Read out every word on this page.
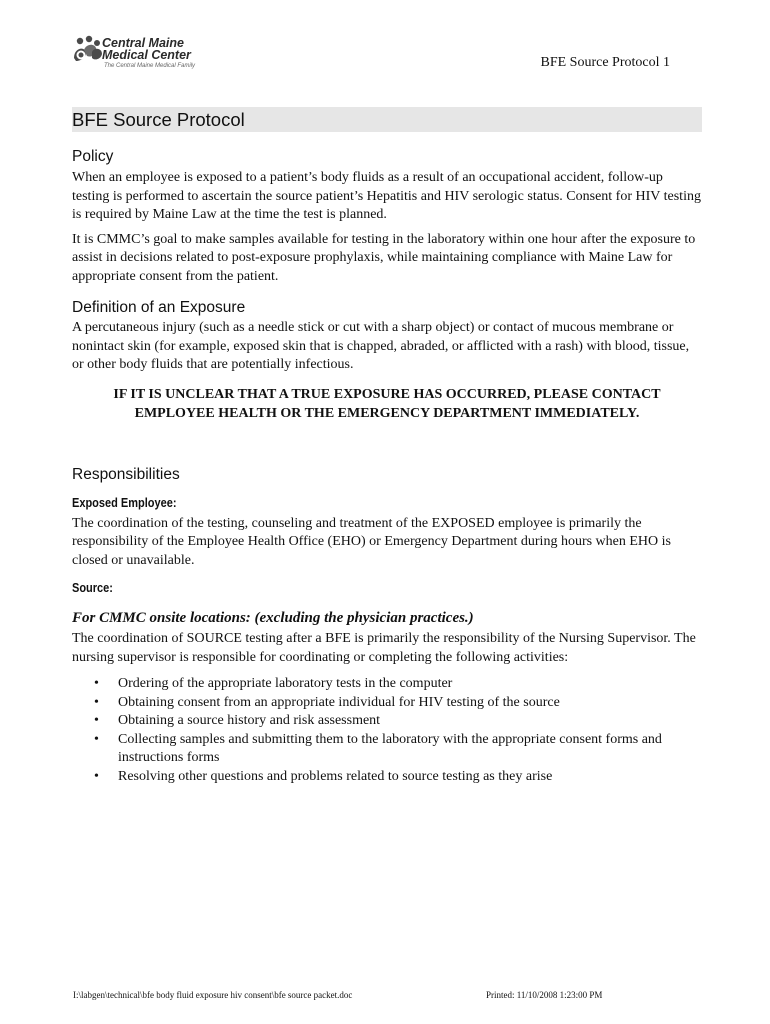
Central Maine
Medical Center
The Central Maine Medical Family	BFE Source Protocol 1
BFE Source Protocol
Policy

When an employee is exposed to a patient’s body fluids as a result of an occupational accident, follow-up testing is performed to ascertain the source patient’s Hepatitis and HIV serologic status. Consent for HIV testing is required by Maine Law at the time the test is planned.

It is CMMC’s goal to make samples available for testing in the laboratory within one hour after the exposure to assist in decisions related to post-exposure prophylaxis, while maintaining compliance with Maine Law for appropriate consent from the patient.

Definition of an Exposure

A percutaneous injury (such as a needle stick or cut with a sharp object) or contact of mucous membrane or nonintact skin (for example, exposed skin that is chapped, abraded, or afflicted with a rash) with blood, tissue, or other body fluids that are potentially infectious.

IF IT IS UNCLEAR THAT A TRUE EXPOSURE HAS OCCURRED, PLEASE CONTACT EMPLOYEE HEALTH OR THE EMERGENCY DEPARTMENT IMMEDIATELY.

Responsibilities
Exposed Employee:

The coordination of the testing, counseling and treatment of the EXPOSED employee is primarily the responsibility of the Employee Health Office (EHO) or Emergency Department during hours when EHO is closed or unavailable.

Source:

For CMMC onsite locations: (excluding the physician practices.)

The coordination of SOURCE testing after a BFE is primarily the responsibility of the Nursing Supervisor. The nursing supervisor is responsible for coordinating or completing the following activities:

• Ordering of the appropriate laboratory tests in the computer
• Obtaining consent from an appropriate individual for HIV testing of the source
• Obtaining a source history and risk assessment
• Collecting samples and submitting them to the laboratory with the appropriate consent forms and instructions forms
• Resolving other questions and problems related to source testing as they arise
I:\labgen\technical\bfe body fluid exposure hiv consent\bfe source packet.doc	Printed: 11/10/2008 1:23:00 PM
